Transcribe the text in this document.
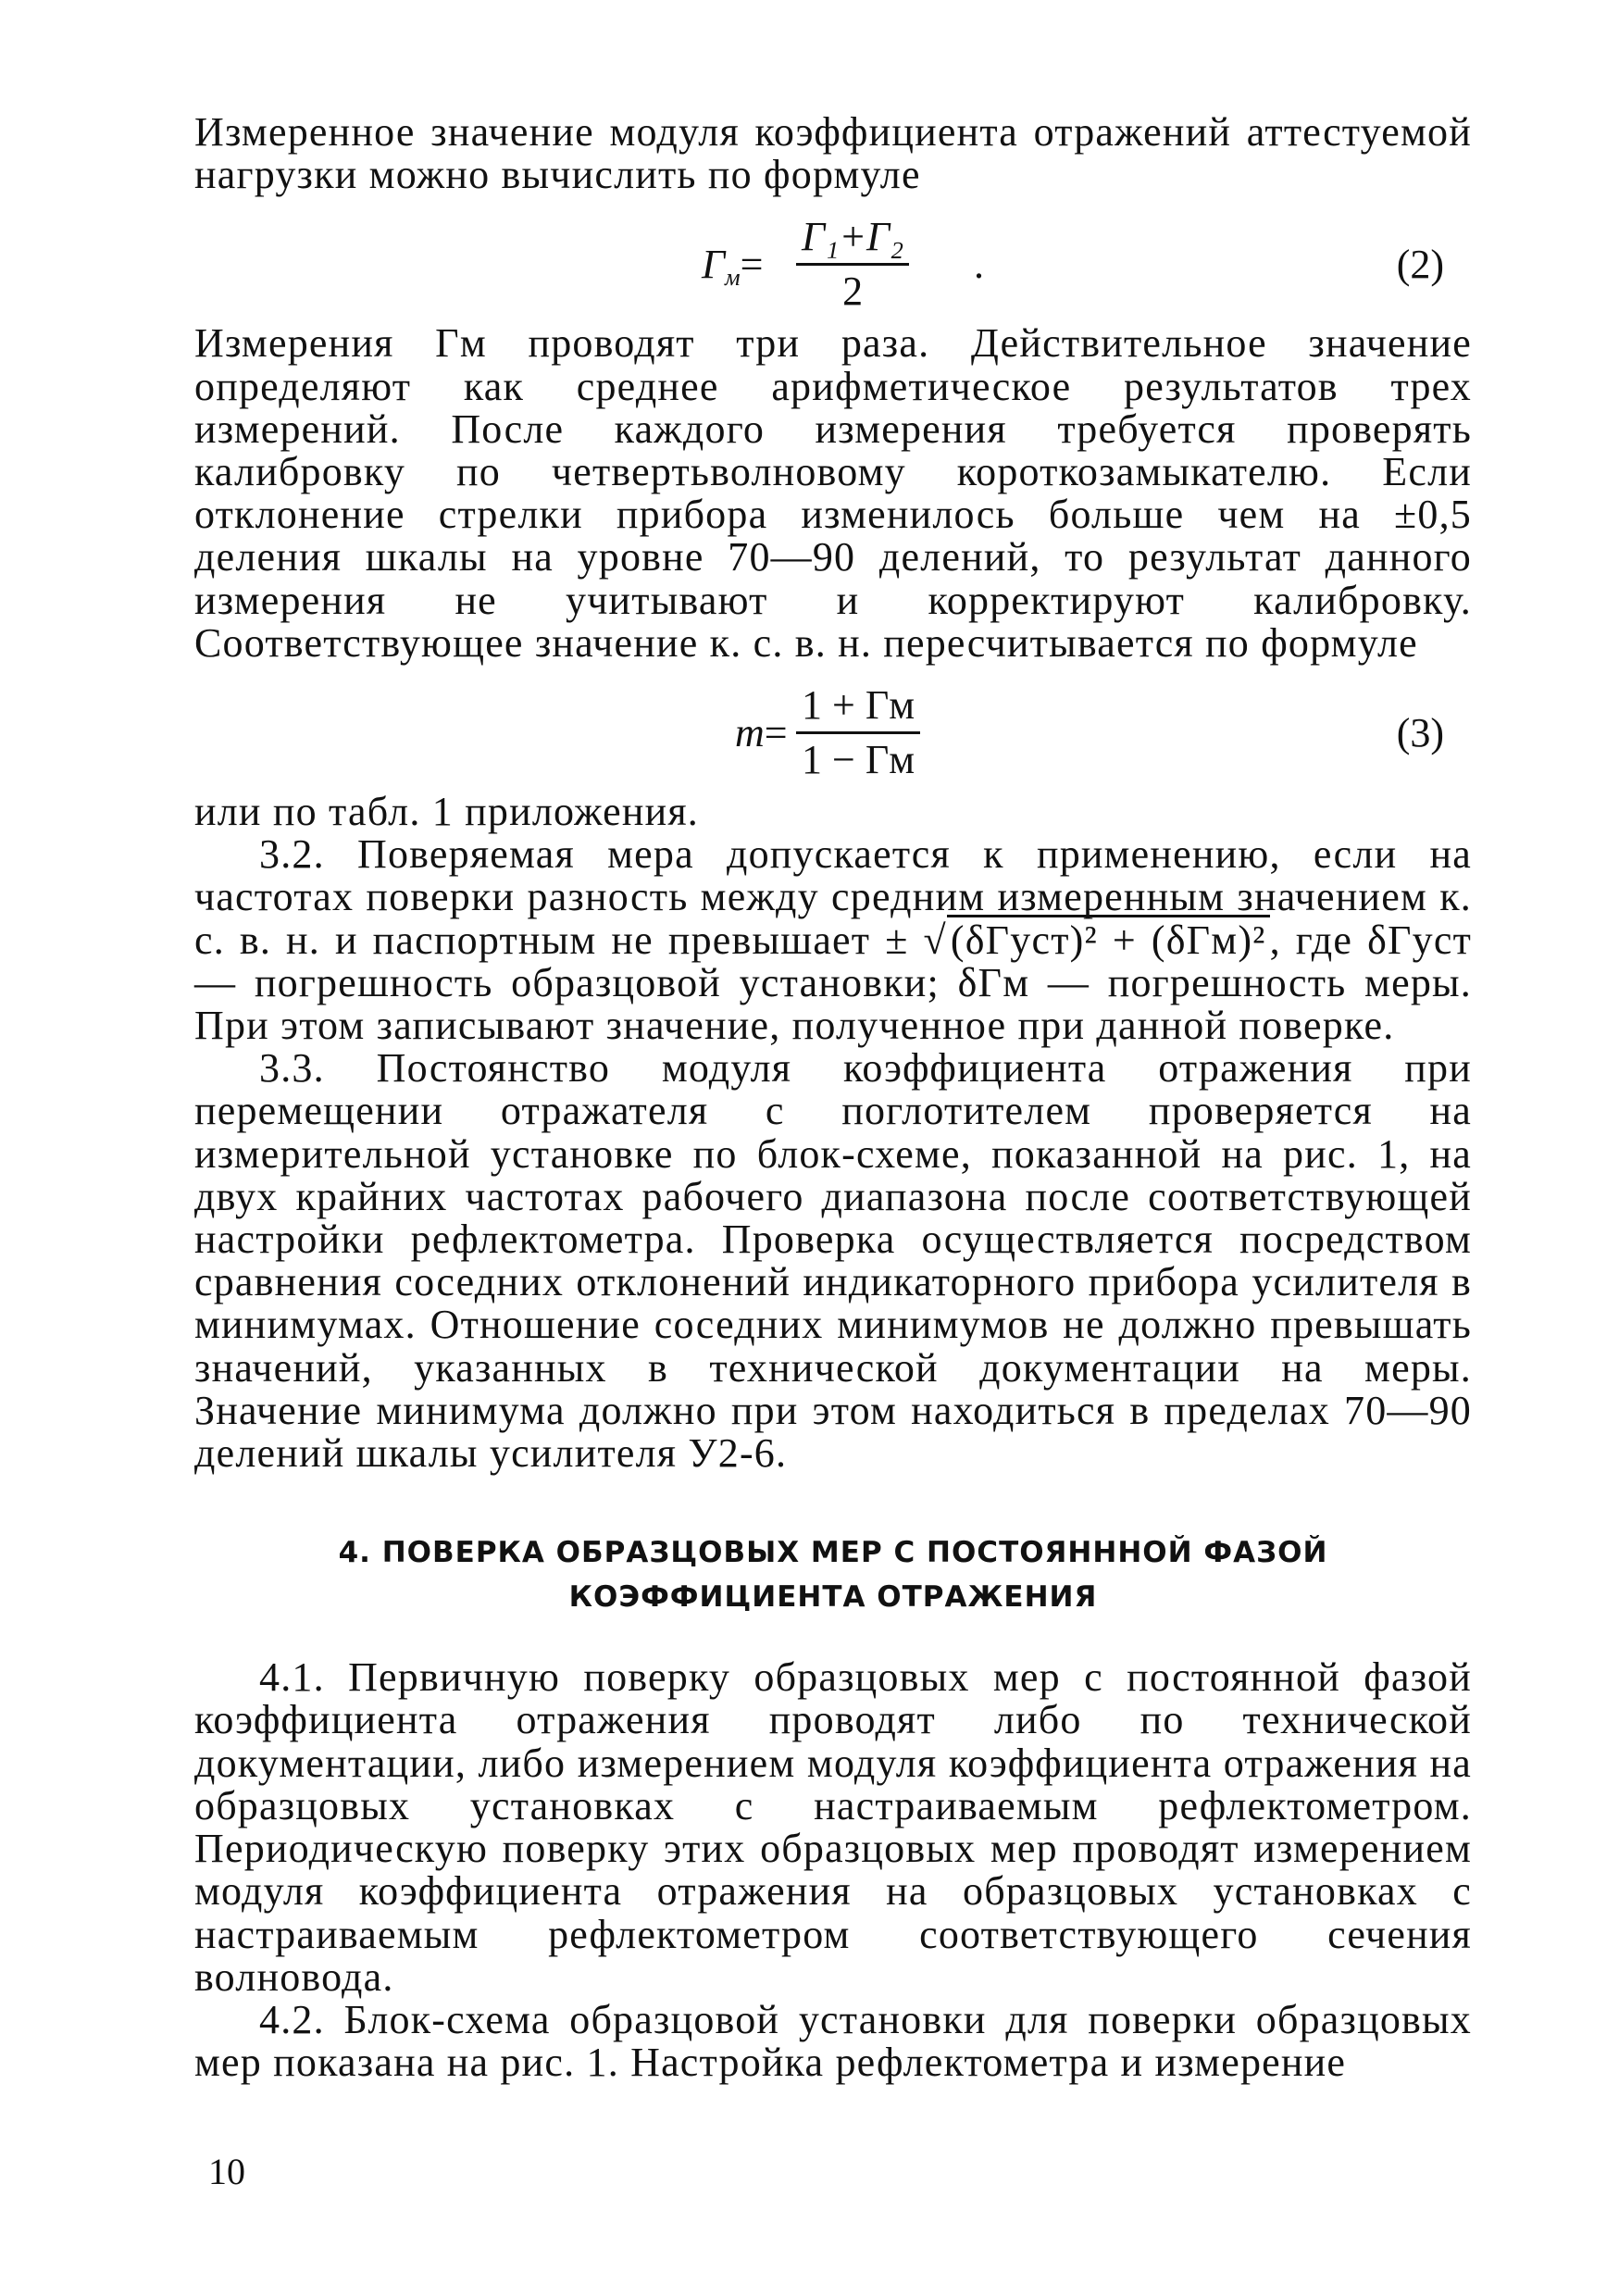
Измеренное значение модуля коэффициента отражений аттестуемой нагрузки можно вычислить по формуле

$\Gamma_м= \frac{\text{Γ₁+Γ₂}}{2}$ .	(2)

Измерения Γм проводят три раза. Действительное значение определяют как среднее арифметическое результатов трех измерений. После каждого измерения требуется проверять калибровку по четвертьволновому короткозамыкателю. Если отклонение стрелки прибора изменилось больше чем на ±0,5 деления шкалы на уровне 70—90 делений, то результат данного измерения не учитывают и корректируют калибровку. Соответствующее значение к. с. в. н. пересчитывается по формуле

m=
1 + Γм
1 − Γм
(3)

или по табл. 1 приложения.

3.2. Поверяемая мера допускается к применению, если на частотах поверки разность между средним измеренным значением к. с. в. н. и паспортным не превышает ± √(δΓуст)² + (δΓм)², где δΓуст — погрешность образцовой установки; δΓм — погрешность меры. При этом записывают значение, полученное при данной поверке.

3.3. Постоянство модуля коэффициента отражения при перемещении отражателя с поглотителем проверяется на измерительной установке по блок-схеме, показанной на рис. 1, на двух крайних частотах рабочего диапазона после соответствующей настройки рефлектометра. Проверка осуществляется посредством сравнения соседних отклонений индикаторного прибора усилителя в минимумах. Отношение соседних минимумов не должно превышать значений, указанных в технической документации на меры. Значение минимума должно при этом находиться в пределах 70—90 делений шкалы усилителя У2-6.

4. ПОВЕРКА ОБРАЗЦОВЫХ МЕР С ПОСТОЯНННОЙ ФАЗОЙ
КОЭФФИЦИЕНТА ОТРАЖЕНИЯ

4.1. Первичную поверку образцовых мер с постоянной фазой коэффициента отражения проводят либо по технической документации, либо измерением модуля коэффициента отражения на образцовых установках с настраиваемым рефлектометром. Периодическую поверку этих образцовых мер проводят измерением модуля коэффициента отражения на образцовых установках с настраиваемым рефлектометром соответствующего сечения волновода.

4.2. Блок-схема образцовой установки для поверки образцовых мер показана на рис. 1. Настройка рефлектометра и измерение

10
